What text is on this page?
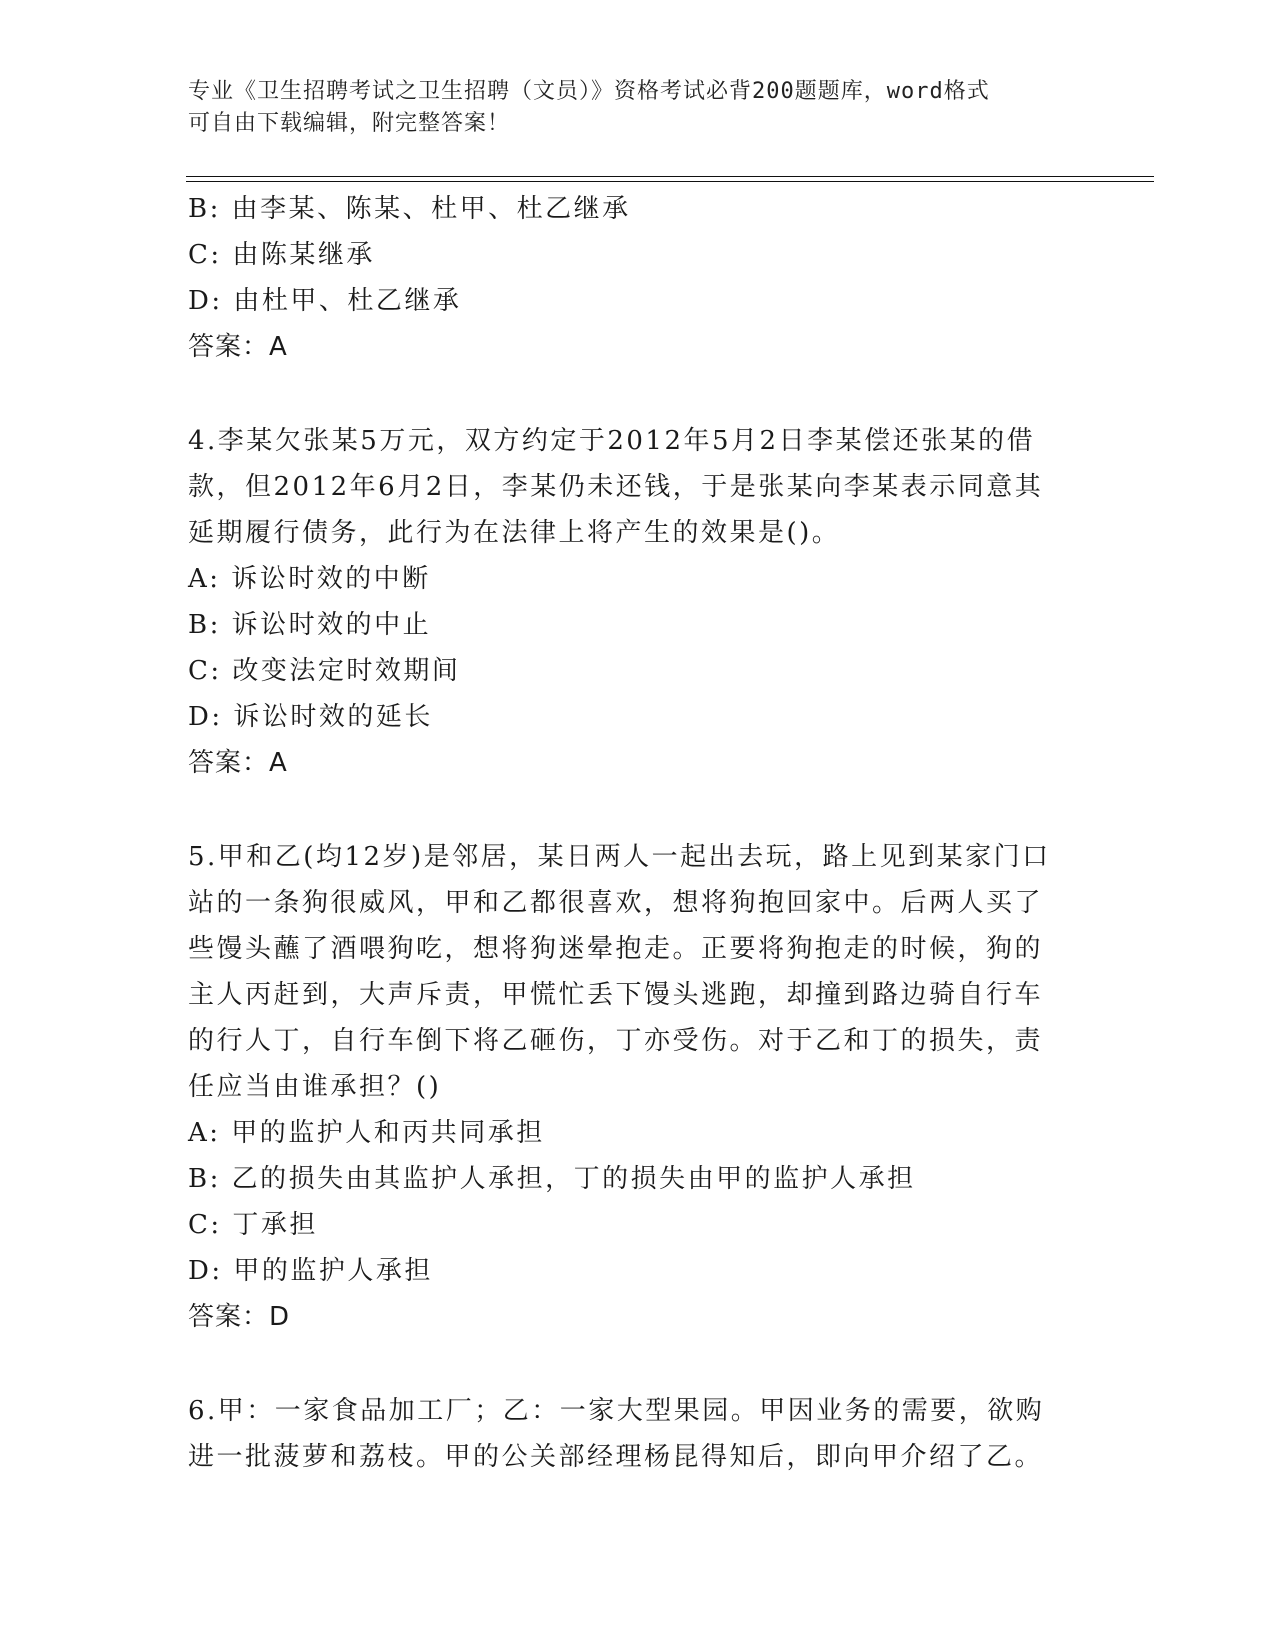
专业《卫生招聘考试之卫生招聘（文员）》资格考试必背200题题库，word格式
可自由下载编辑，附完整答案！
B: 由李某、陈某、杜甲、杜乙继承
C: 由陈某继承
D: 由杜甲、杜乙继承
答案：A
4.李某欠张某5万元，双方约定于2012年5月2日李某偿还张某的借
款，但2012年6月2日，李某仍未还钱，于是张某向李某表示同意其
延期履行债务，此行为在法律上将产生的效果是()。
A: 诉讼时效的中断
B: 诉讼时效的中止
C: 改变法定时效期间
D: 诉讼时效的延长
答案：A
5.甲和乙(均12岁)是邻居，某日两人一起出去玩，路上见到某家门口
站的一条狗很威风，甲和乙都很喜欢，想将狗抱回家中。后两人买了
些馒头蘸了酒喂狗吃，想将狗迷晕抱走。正要将狗抱走的时候，狗的
主人丙赶到，大声斥责，甲慌忙丢下馒头逃跑，却撞到路边骑自行车
的行人丁，自行车倒下将乙砸伤，丁亦受伤。对于乙和丁的损失，责
任应当由谁承担？()
A: 甲的监护人和丙共同承担
B: 乙的损失由其监护人承担，丁的损失由甲的监护人承担
C: 丁承担
D: 甲的监护人承担
答案：D
6.甲：一家食品加工厂；乙：一家大型果园。甲因业务的需要，欲购
进一批菠萝和荔枝。甲的公关部经理杨昆得知后，即向甲介绍了乙。
